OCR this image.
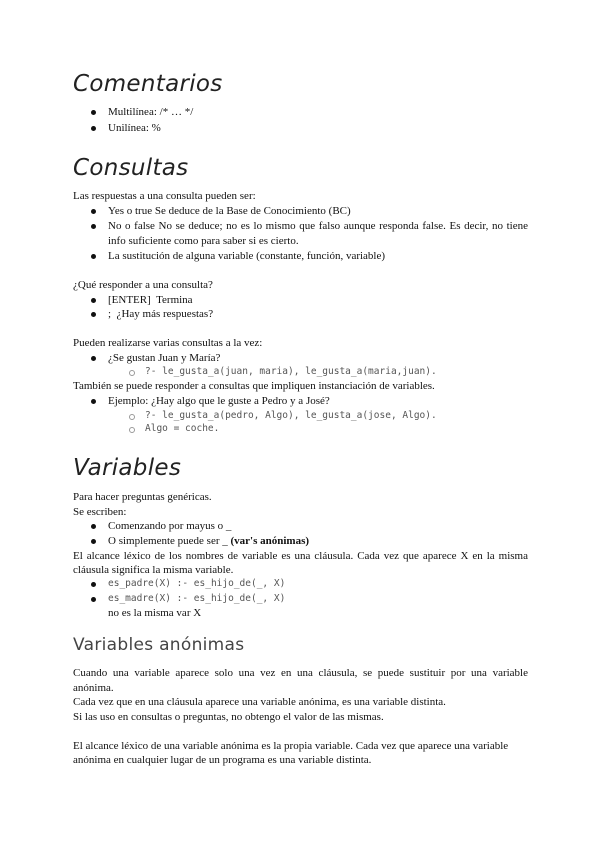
Comentarios
Multilínea: /* … */
Unilínea: %
Consultas
Las respuestas a una consulta pueden ser:
Yes o true Se deduce de la Base de Conocimiento (BC)
No o false No se deduce; no es lo mismo que falso aunque responda false. Es decir, no tiene
info suficiente como para saber si es cierto.
La sustitución de alguna variable (constante, función, variable)
¿Qué responder a una consulta?
[ENTER]  Termina
;  ¿Hay más respuestas?
Pueden realizarse varias consultas a la vez:
¿Se gustan Juan y María?
?- le_gusta_a(juan, maria), le_gusta_a(maria,juan).
También se puede responder a consultas que impliquen instanciación de variables.
Ejemplo: ¿Hay algo que le guste a Pedro y a José?
?- le_gusta_a(pedro, Algo), le_gusta_a(jose, Algo).
Algo = coche.
Variables
Para hacer preguntas genéricas.
Se escriben:
Comenzando por mayus o _
O simplemente puede ser _ (var's anónimas)
El alcance léxico de los nombres de variable es una cláusula. Cada vez que aparece X en la misma
cláusula significa la misma variable.
es_padre(X) :- es_hijo_de(_, X)
es_madre(X) :- es_hijo_de(_, X)
no es la misma var X
Variables anónimas
Cuando una variable aparece solo una vez en una cláusula, se puede sustituir por una variable
anónima.
Cada vez que en una cláusula aparece una variable anónima, es una variable distinta.
Si las uso en consultas o preguntas, no obtengo el valor de las mismas.
El alcance léxico de una variable anónima es la propia variable. Cada vez que aparece una variable
anónima en cualquier lugar de un programa es una variable distinta.
